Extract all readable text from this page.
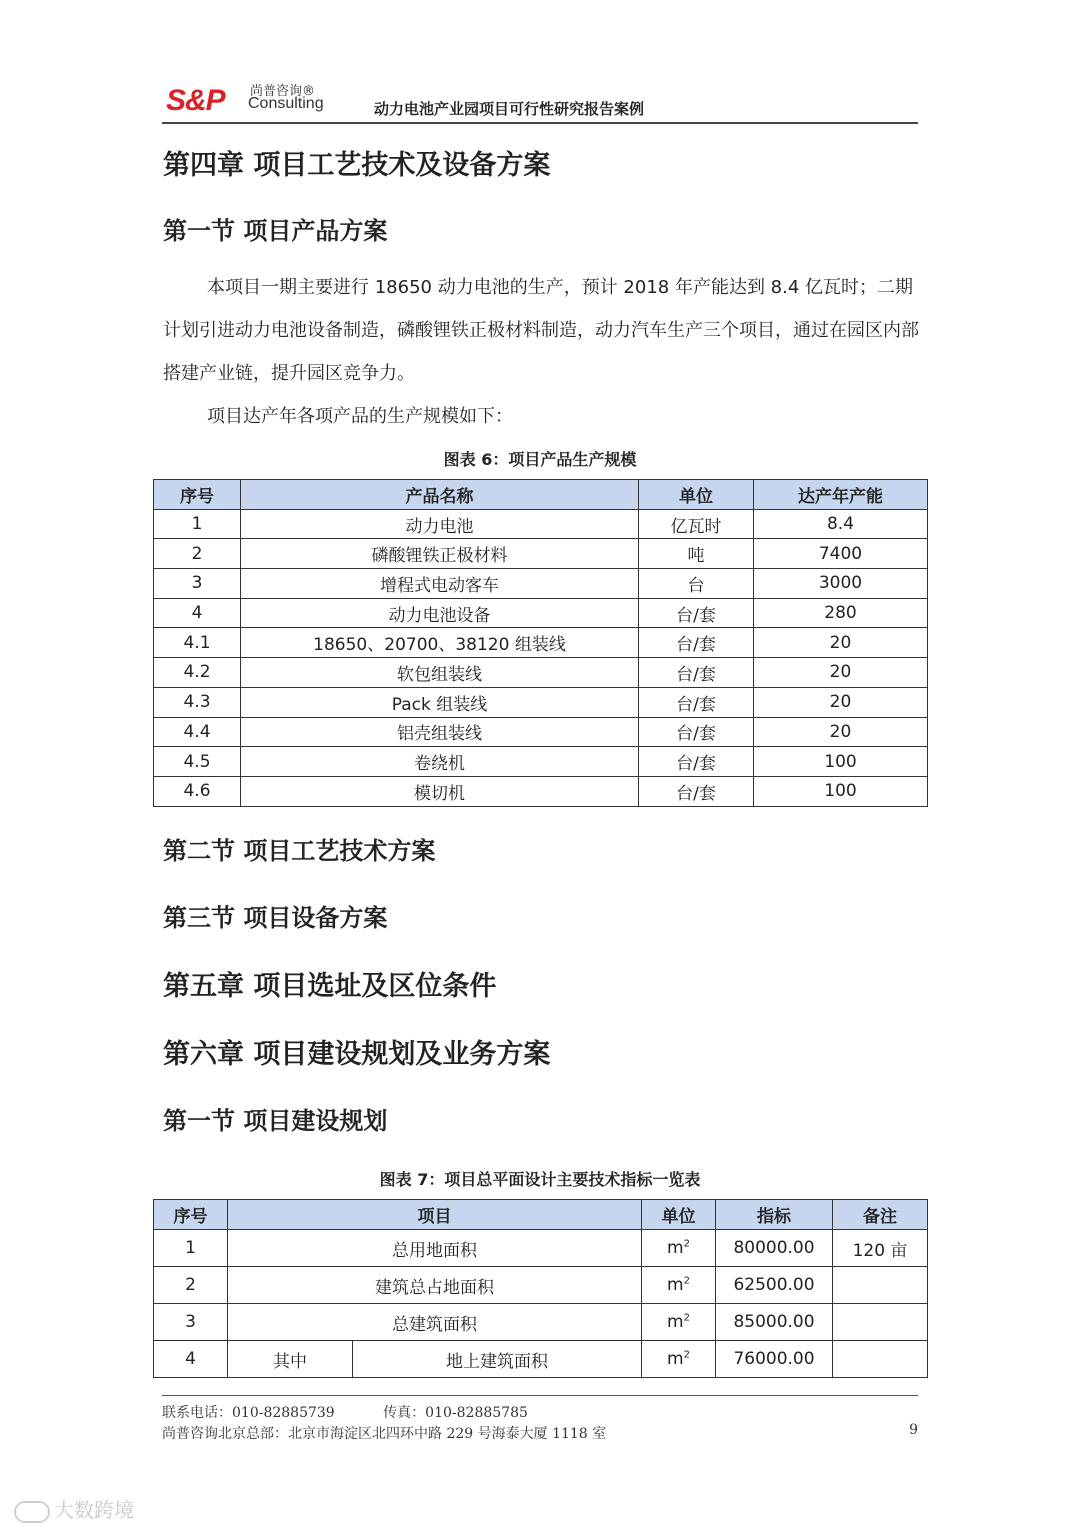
S&P 尚普咨询®
Consulting	动力电池产业园项目可行性研究报告案例
第四章 项目工艺技术及设备方案
第一节 项目产品方案

本项目一期主要进行 18650 动力电池的生产，预计 2018 年产能达到 8.4 亿瓦时；二期计划引进动力电池设备制造，磷酸锂铁正极材料制造，动力汽车生产三个项目，通过在园区内部搭建产业链，提升园区竞争力。

项目达产年各项产品的生产规模如下：

图表 6：项目产品生产规模
序号	产品名称	单位	达产年产能
1	动力电池	亿瓦时	8.4
2	磷酸锂铁正极材料	吨	7400
3	增程式电动客车	台	3000
4	动力电池设备	台/套	280
4.1	18650、20700、38120 组装线	台/套	20
4.2	软包组装线	台/套	20
4.3	Pack 组装线	台/套	20
4.4	铝壳组装线	台/套	20
4.5	卷绕机	台/套	100
4.6	模切机	台/套	100
第二节 项目工艺技术方案
第三节 项目设备方案
第五章 项目选址及区位条件
第六章 项目建设规划及业务方案
第一节 项目建设规划
图表 7：项目总平面设计主要技术指标一览表
序号	项目		单位	指标	备注
1	总用地面积		$m^2$	80000.00	120 亩
2	建筑总占地面积		$m^2$	62500.00	
3	总建筑面积		$m^2$	85000.00	
4	其中	地上建筑面积	$m^2$	76000.00	
联系电话：010-82885739	传真：010-82885785
尚普咨询北京总部：北京市海淀区北四环中路 229 号海泰大厦 1118 室	9
大数跨境
